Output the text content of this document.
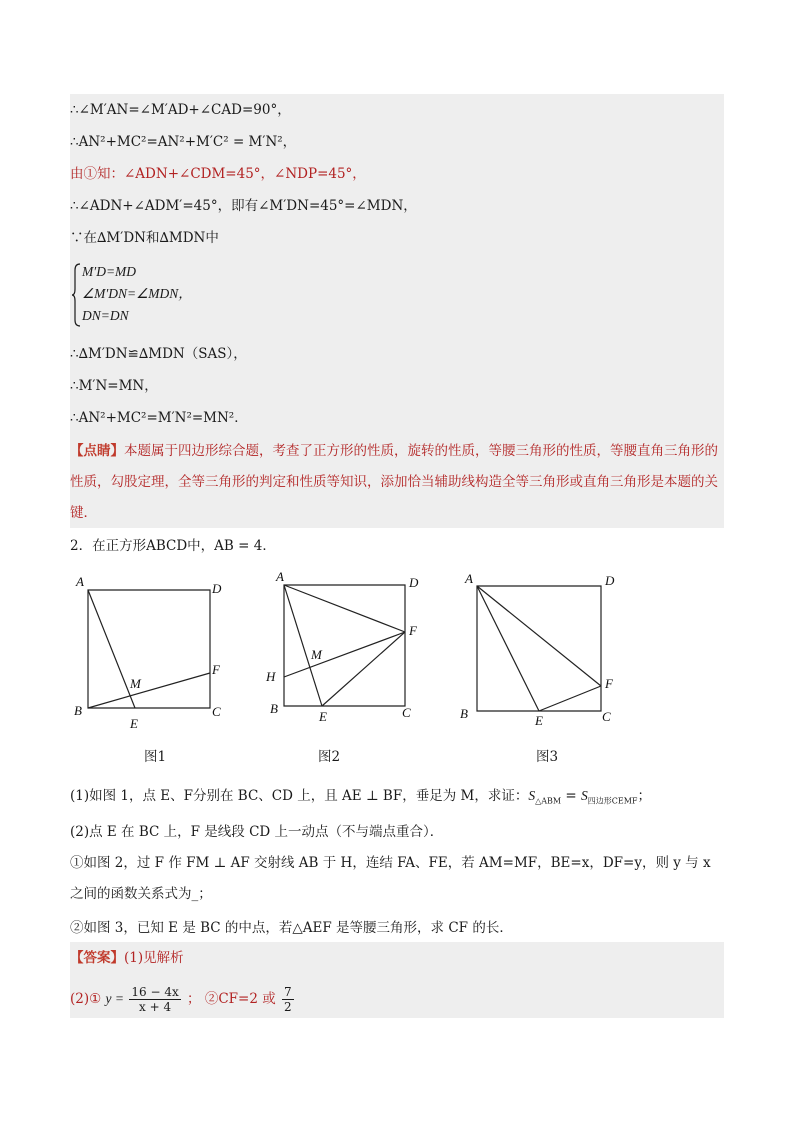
∴∠M′AN=∠M′AD+∠CAD=90°，
∴AN²+MC²=AN²+M′C² = M′N²，
由①知：∠ADN+∠CDM=45°，∠NDP=45°，
∴∠ADN+∠ADM′=45°，即有∠M′DN=45°=∠MDN，
∵在∆M′DN和∆MDN中
M′D=MD
∠M′DN=∠MDN，
DN=DN
∴∆M′DN≌∆MDN（SAS），
∴M′N=MN，
∴AN²+MC²=M′N²=MN²．
【点睛】本题属于四边形综合题，考查了正方形的性质，旋转的性质，等腰三角形的性质，等腰直角三角形的性质，勾股定理，全等三角形的判定和性质等知识，添加恰当辅助线构造全等三角形或直角三角形是本题的关键．
2．在正方形ABCD中，AB = 4．
A
B	C
D
E
F
M
图1
A
B	C
D
E
F
M
H
图2
A
B	C
D
E
F
图3
(1)如图 1，点 E、F分别在 BC、CD 上，且 AE ⊥ BF，垂足为 M，求证：$S_{\triangle ABM} = S_{四边形CEMF}$；
(2)点 E 在 BC 上，F 是线段 CD 上一动点（不与端点重合）．
①如图 2，过 F 作 FM ⊥ AF 交射线 AB 于 H，连结 FA、FE，若 AM=MF，BE=x，DF=y，则 y 与 x 之间的函数关系式为_；
②如图 3，已知 E 是 BC 的中点，若△AEF 是等腰三角形，求 CF 的长．
【答案】(1)见解析
(2)① $y = \frac{16 - 4x}{x + 4}$ ； ②CF=2 或 $\frac{7}{2}$
